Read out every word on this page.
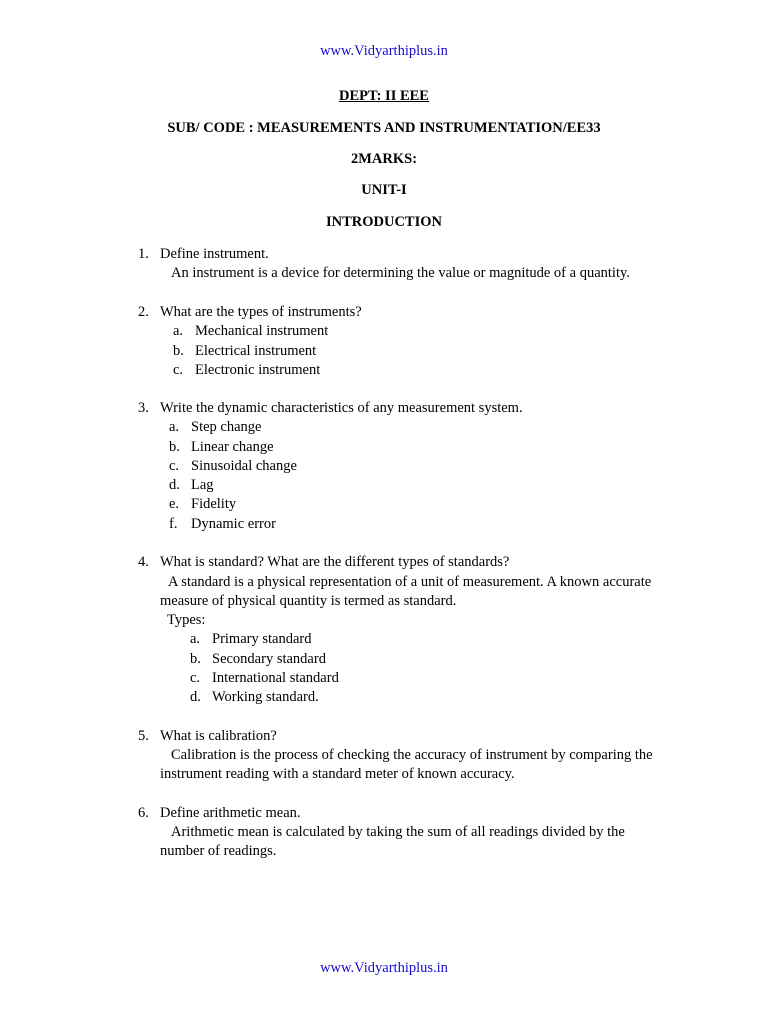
www.Vidyarthiplus.in
DEPT: II EEE
SUB/ CODE : MEASUREMENTS AND INSTRUMENTATION/EE33
2MARKS:
UNIT-I
INTRODUCTION
1. Define instrument.
An instrument is a device for determining the value or magnitude of a quantity.
2. What are the types of instruments?
a. Mechanical instrument
b. Electrical instrument
c. Electronic instrument
3. Write the dynamic characteristics of any measurement system.
a. Step change
b. Linear change
c. Sinusoidal change
d. Lag
e. Fidelity
f. Dynamic error
4. What is standard? What are the different types of standards?
A standard is a physical representation of a unit of measurement. A known accurate
measure of physical quantity is termed as standard.
Types:
a. Primary standard
b. Secondary standard
c. International standard
d. Working standard.
5. What is calibration?
Calibration is the process of checking the accuracy of instrument by comparing the
instrument reading with a standard meter of known accuracy.
6. Define arithmetic mean.
Arithmetic mean is calculated by taking the sum of all readings divided by the
number of readings.
www.Vidyarthiplus.in
